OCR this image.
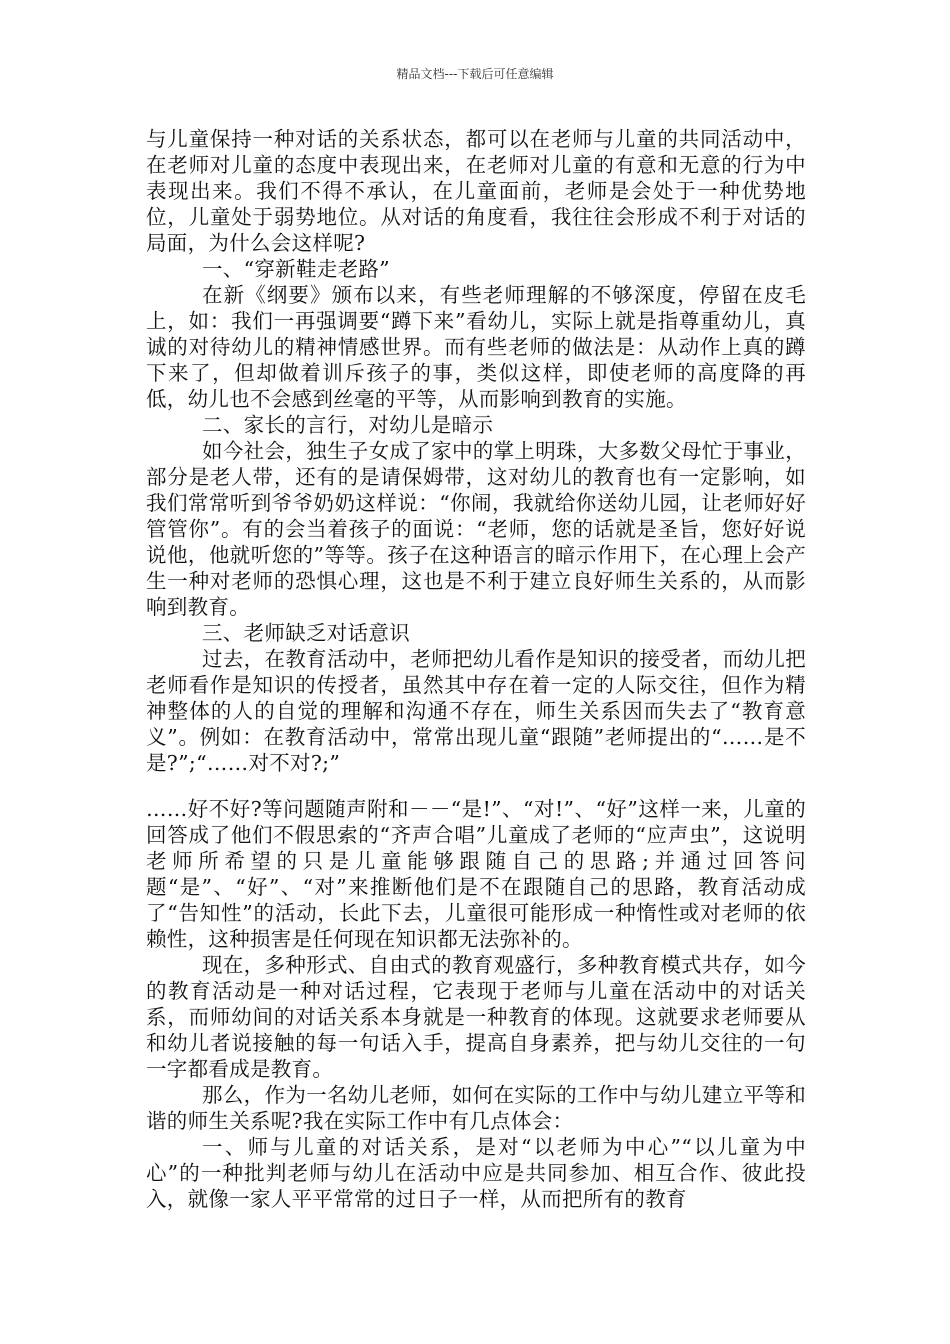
精品文档---下载后可任意编辑

与儿童保持一种对话的关系状态，都可以在老师与儿童的共同活动中，在老师对儿童的态度中表现出来，在老师对儿童的有意和无意的行为中表现出来。我们不得不承认，在儿童面前，老师是会处于一种优势地位，儿童处于弱势地位。从对话的角度看，我往往会形成不利于对话的局面，为什么会这样呢?

一、“穿新鞋走老路”

在新《纲要》颁布以来，有些老师理解的不够深度，停留在皮毛上，如：我们一再强调要“蹲下来”看幼儿，实际上就是指尊重幼儿，真诚的对待幼儿的精神情感世界。而有些老师的做法是：从动作上真的蹲下来了，但却做着训斥孩子的事，类似这样，即使老师的高度降的再低，幼儿也不会感到丝毫的平等，从而影响到教育的实施。

二、家长的言行，对幼儿是暗示

如今社会，独生子女成了家中的掌上明珠，大多数父母忙于事业，部分是老人带，还有的是请保姆带，这对幼儿的教育也有一定影响，如我们常常听到爷爷奶奶这样说：“你闹，我就给你送幼儿园，让老师好好管管你”。有的会当着孩子的面说：“老师，您的话就是圣旨，您好好说说他，他就听您的”等等。孩子在这种语言的暗示作用下，在心理上会产生一种对老师的恐惧心理，这也是不利于建立良好师生关系的，从而影响到教育。

三、老师缺乏对话意识

过去，在教育活动中，老师把幼儿看作是知识的接受者，而幼儿把老师看作是知识的传授者，虽然其中存在着一定的人际交往，但作为精神整体的人的自觉的理解和沟通不存在，师生关系因而失去了“教育意义”。例如：在教育活动中，常常出现儿童“跟随”老师提出的“……是不是?”;“……对不对?;”

……好不好?等问题随声附和－－“是!”、“对!”、“好”这样一来，儿童的回答成了他们不假思索的“齐声合唱”儿童成了老师的“应声虫”，这说明老师所希望的只是儿童能够跟随自己的思路;并通过回答问题“是”、“好”、“对”来推断他们是不在跟随自己的思路，教育活动成了“告知性”的活动，长此下去，儿童很可能形成一种惰性或对老师的依赖性，这种损害是任何现在知识都无法弥补的。

现在，多种形式、自由式的教育观盛行，多种教育模式共存，如今的教育活动是一种对话过程，它表现于老师与儿童在活动中的对话关系，而师幼间的对话关系本身就是一种教育的体现。这就要求老师要从和幼儿者说接触的每一句话入手，提高自身素养，把与幼儿交往的一句一字都看成是教育。

那么，作为一名幼儿老师，如何在实际的工作中与幼儿建立平等和谐的师生关系呢?我在实际工作中有几点体会：

一、师与儿童的对话关系，是对“以老师为中心”“以儿童为中心”的一种批判老师与幼儿在活动中应是共同参加、相互合作、彼此投入，就像一家人平平常常的过日子一样，从而把所有的教育
